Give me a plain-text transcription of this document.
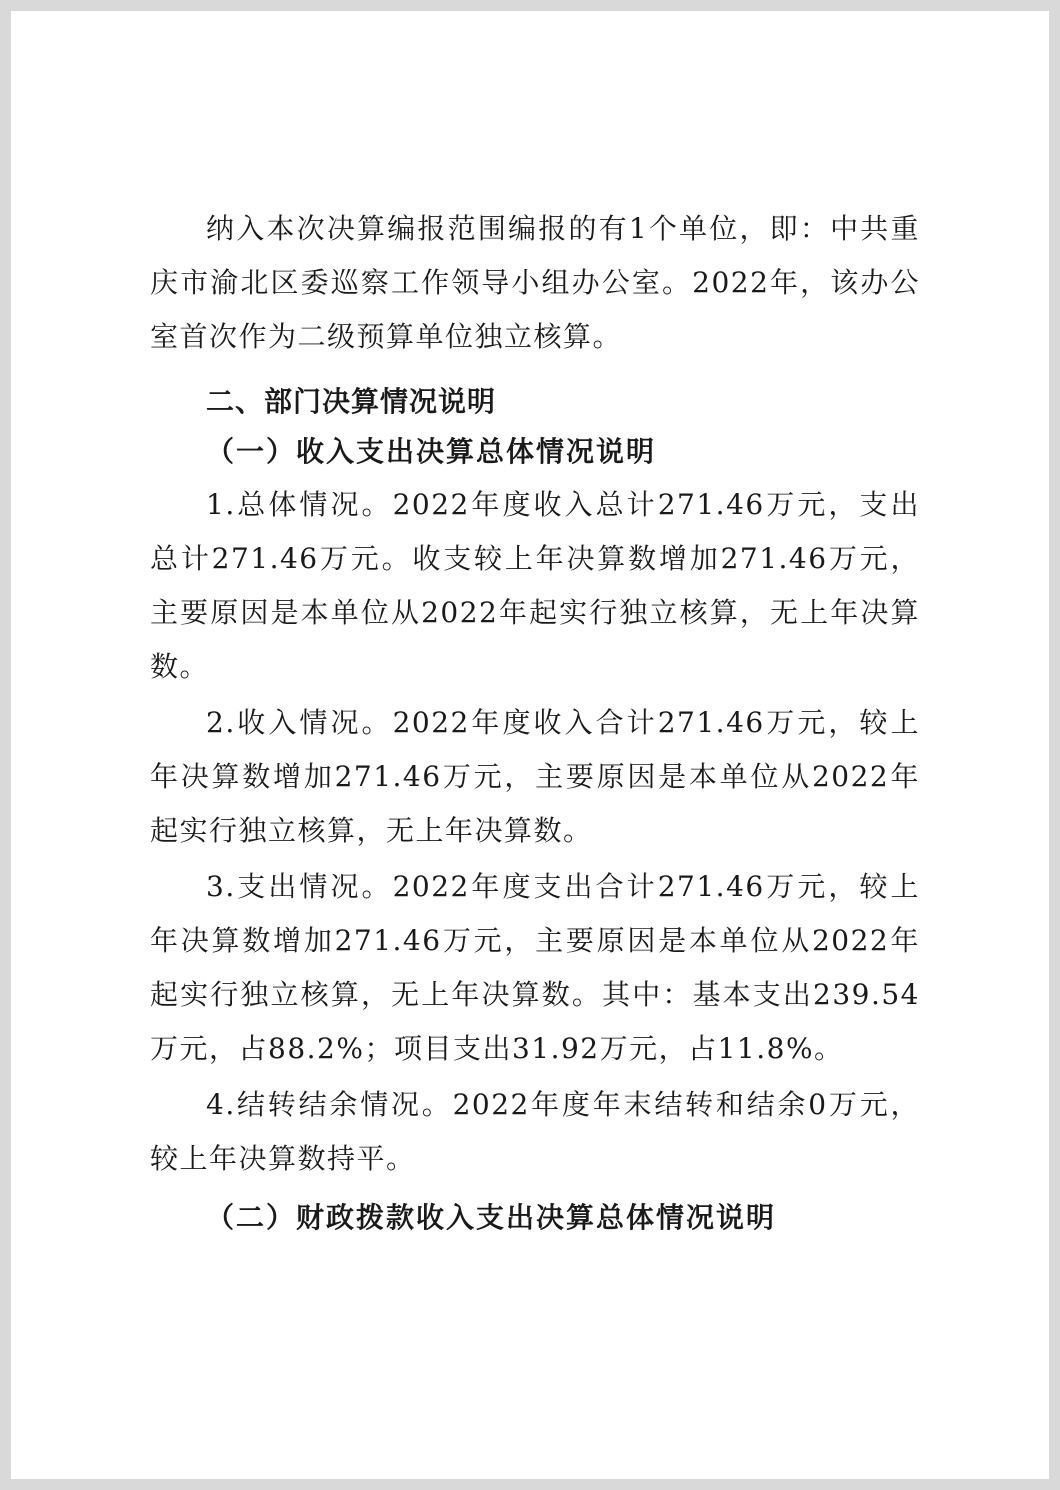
纳入本次决算编报范围编报的有1个单位，即：中共重庆市渝北区委巡察工作领导小组办公室。2022年，该办公室首次作为二级预算单位独立核算。

二、部门决算情况说明

（一）收入支出决算总体情况说明

1.总体情况。2022年度收入总计271.46万元，支出总计271.46万元。收支较上年决算数增加271.46万元，主要原因是本单位从2022年起实行独立核算，无上年决算数。

2.收入情况。2022年度收入合计271.46万元，较上年决算数增加271.46万元，主要原因是本单位从2022年起实行独立核算，无上年决算数。

3.支出情况。2022年度支出合计271.46万元，较上年决算数增加271.46万元，主要原因是本单位从2022年起实行独立核算，无上年决算数。其中：基本支出239.54万元，占88.2%；项目支出31.92万元，占11.8%。

4.结转结余情况。2022年度年末结转和结余0万元，较上年决算数持平。

（二）财政拨款收入支出决算总体情况说明
